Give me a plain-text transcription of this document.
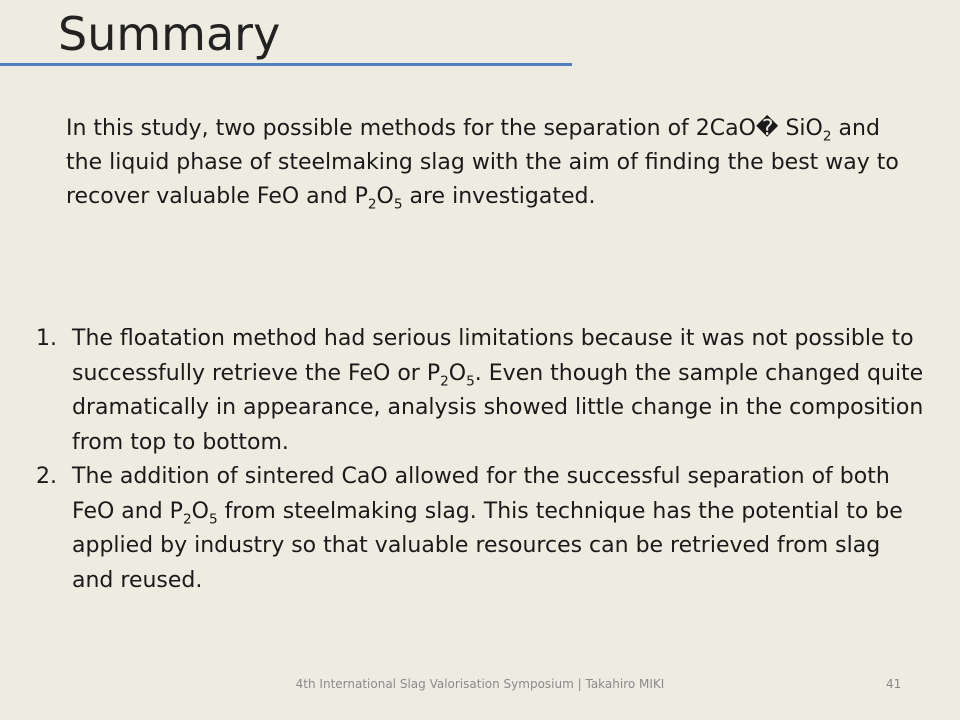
Summary

In this study, two possible methods for the separation of 2CaO� SiO$_2$ and the liquid phase of steelmaking slag with the aim of finding the best way to recover valuable FeO and $P_2O_5$ are investigated.

1. The floatation method had serious limitations because it was not possible to successfully retrieve the FeO or $P_2O_5$. Even though the sample changed quite dramatically in appearance, analysis showed little change in the composition from top to bottom.
2. The addition of sintered CaO allowed for the successful separation of both FeO and $P_2O_5$ from steelmaking slag. This technique has the potential to be applied by industry so that valuable resources can be retrieved from slag and reused.
4th International Slag Valorisation Symposium | Takahiro MIKI	41
